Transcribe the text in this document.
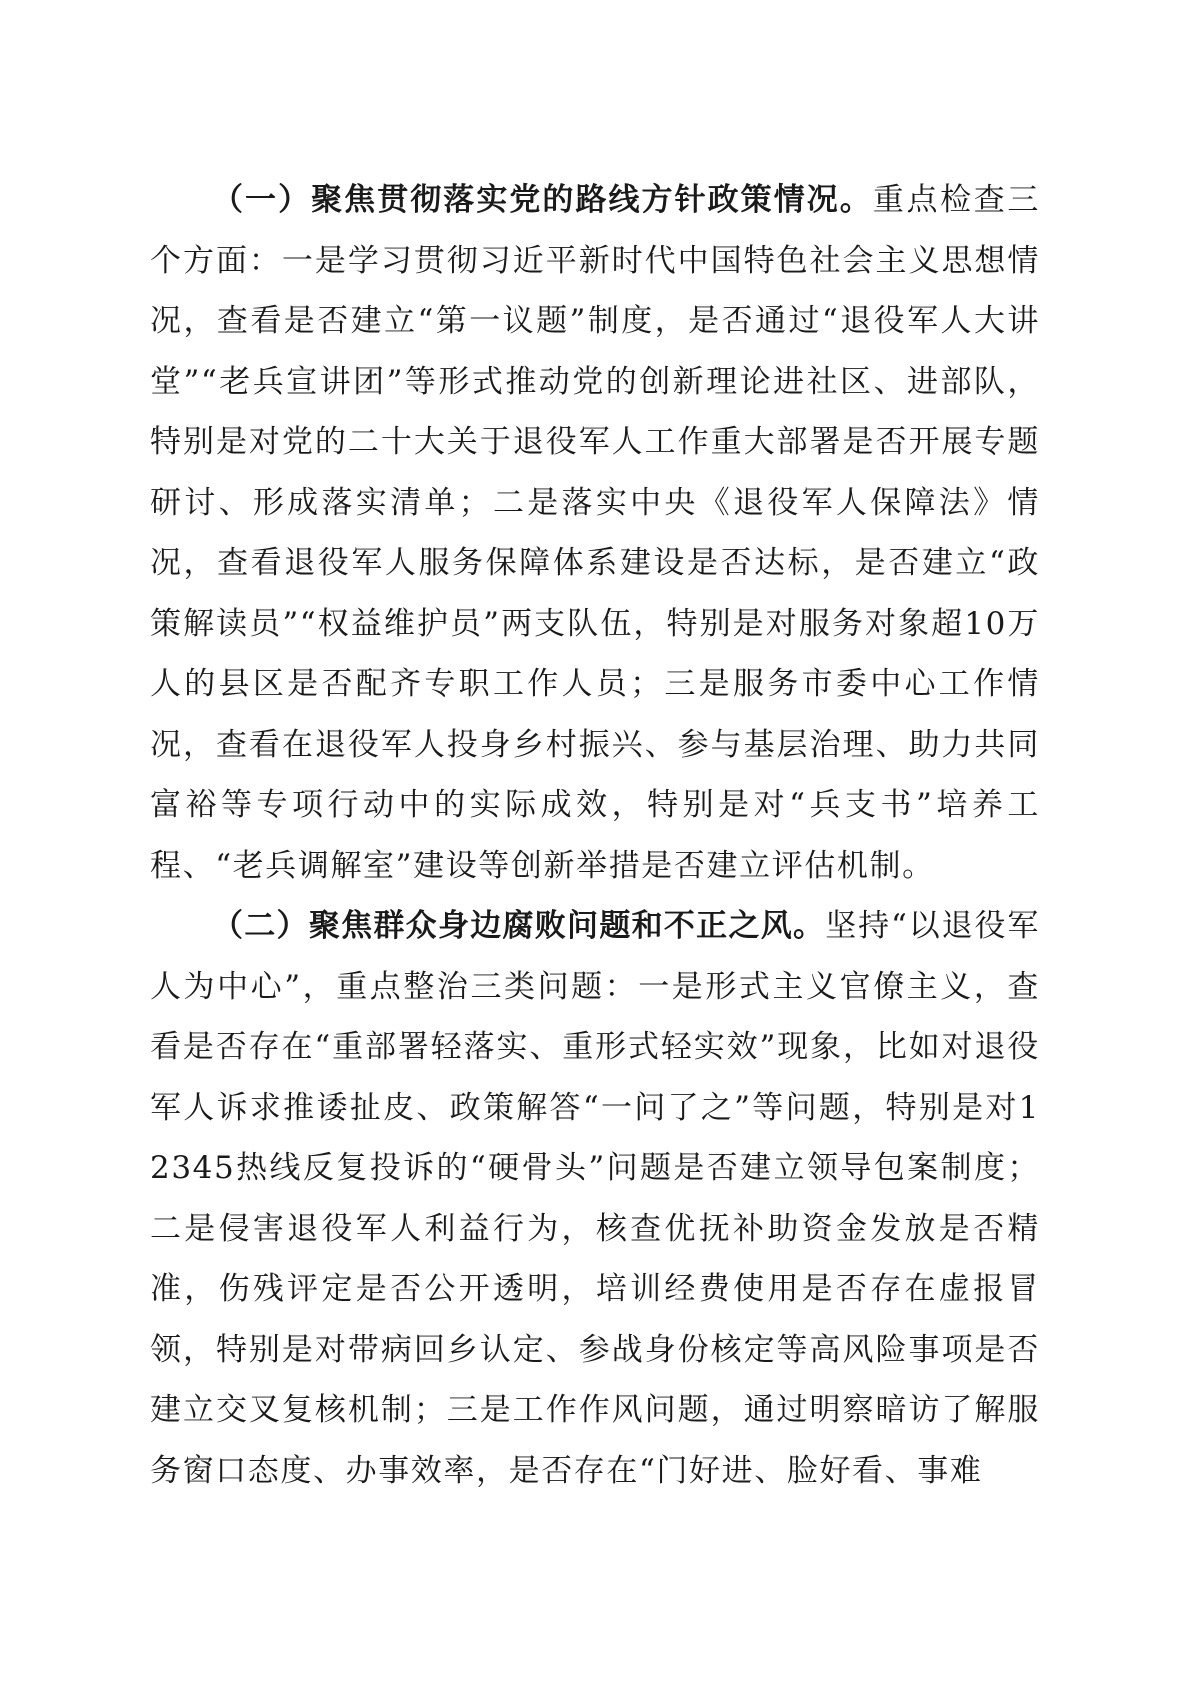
（一）聚焦贯彻落实党的路线方针政策情况。重点检查三个方面：一是学习贯彻习近平新时代中国特色社会主义思想情况，查看是否建立“第一议题”制度，是否通过“退役军人大讲堂”“老兵宣讲团”等形式推动党的创新理论进社区、进部队，特别是对党的二十大关于退役军人工作重大部署是否开展专题研讨、形成落实清单；二是落实中央《退役军人保障法》情况，查看退役军人服务保障体系建设是否达标，是否建立“政策解读员”“权益维护员”两支队伍，特别是对服务对象超10万人的县区是否配齐专职工作人员；三是服务市委中心工作情况，查看在退役军人投身乡村振兴、参与基层治理、助力共同富裕等专项行动中的实际成效，特别是对“兵支书”培养工程、“老兵调解室”建设等创新举措是否建立评估机制。

（二）聚焦群众身边腐败问题和不正之风。坚持“以退役军人为中心”，重点整治三类问题：一是形式主义官僚主义，查看是否存在“重部署轻落实、重形式轻实效”现象，比如对退役军人诉求推诿扯皮、政策解答“一问了之”等问题，特别是对12345热线反复投诉的“硬骨头”问题是否建立领导包案制度；二是侵害退役军人利益行为，核查优抚补助资金发放是否精准，伤残评定是否公开透明，培训经费使用是否存在虚报冒领，特别是对带病回乡认定、参战身份核定等高风险事项是否建立交叉复核机制；三是工作作风问题，通过明察暗访了解服务窗口态度、办事效率，是否存在“门好进、脸好看、事难
